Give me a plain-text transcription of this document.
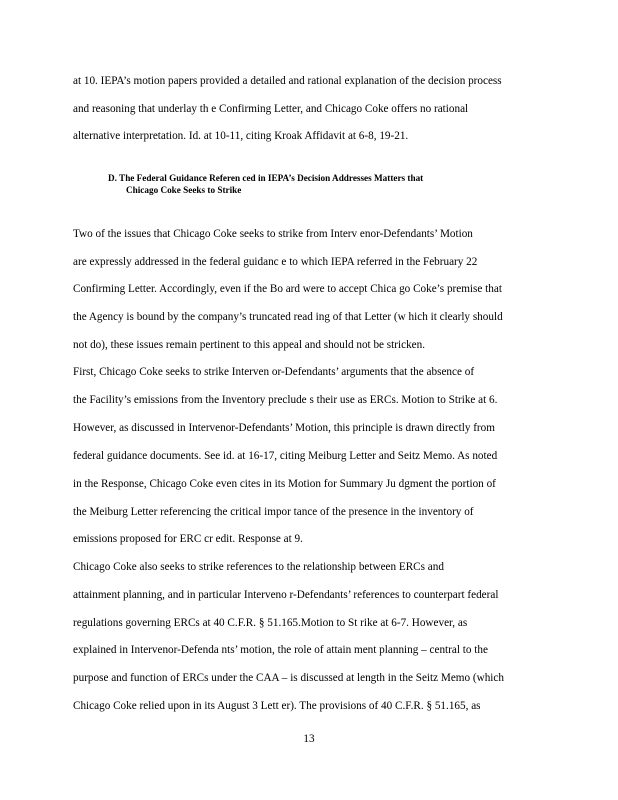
at 10. IEPA’s motion papers provided a detailed and rational explanation of the decision process
and reasoning that underlay th e Confirming Letter, and Chicago Coke offers no rational
alternative interpretation. Id. at 10-11, citing Kroak Affidavit at 6-8, 19-21.
D. The Federal Guidance Referen ced in IEPA’s Decision Addresses Matters that
Chicago Coke Seeks to Strike
Two of the issues that Chicago Coke seeks to strike from Interv enor-Defendants’ Motion
are expressly addressed in the federal guidanc e to which IEPA referred in the February 22
Confirming Letter. Accordingly, even if the Bo ard were to accept Chica go Coke’s premise that
the Agency is bound by the company’s truncated read ing of that Letter (w hich it clearly should
not do), these issues remain pertinent to this appeal and should not be stricken.
First, Chicago Coke seeks to strike Interven or-Defendants’ arguments that the absence of
the Facility’s emissions from the Inventory preclude s their use as ERCs. Motion to Strike at 6.
However, as discussed in Intervenor-Defendants’ Motion, this principle is drawn directly from
federal guidance documents. See id. at 16-17, citing Meiburg Letter and Seitz Memo. As noted
in the Response, Chicago Coke even cites in its Motion for Summary Ju dgment the portion of
the Meiburg Letter referencing the critical impor tance of the presence in the inventory of
emissions proposed for ERC cr edit. Response at 9.
Chicago Coke also seeks to strike references to the relationship between ERCs and
attainment planning, and in particular Interveno r-Defendants’ references to counterpart federal
regulations governing ERCs at 40 C.F.R. § 51.165.Motion to St rike at 6-7. However, as
explained in Intervenor-Defenda nts’ motion, the role of attain ment planning – central to the
purpose and function of ERCs under the CAA – is discussed at length in the Seitz Memo (which
Chicago Coke relied upon in its August 3 Lett er). The provisions of 40 C.F.R. § 51.165, as
13
